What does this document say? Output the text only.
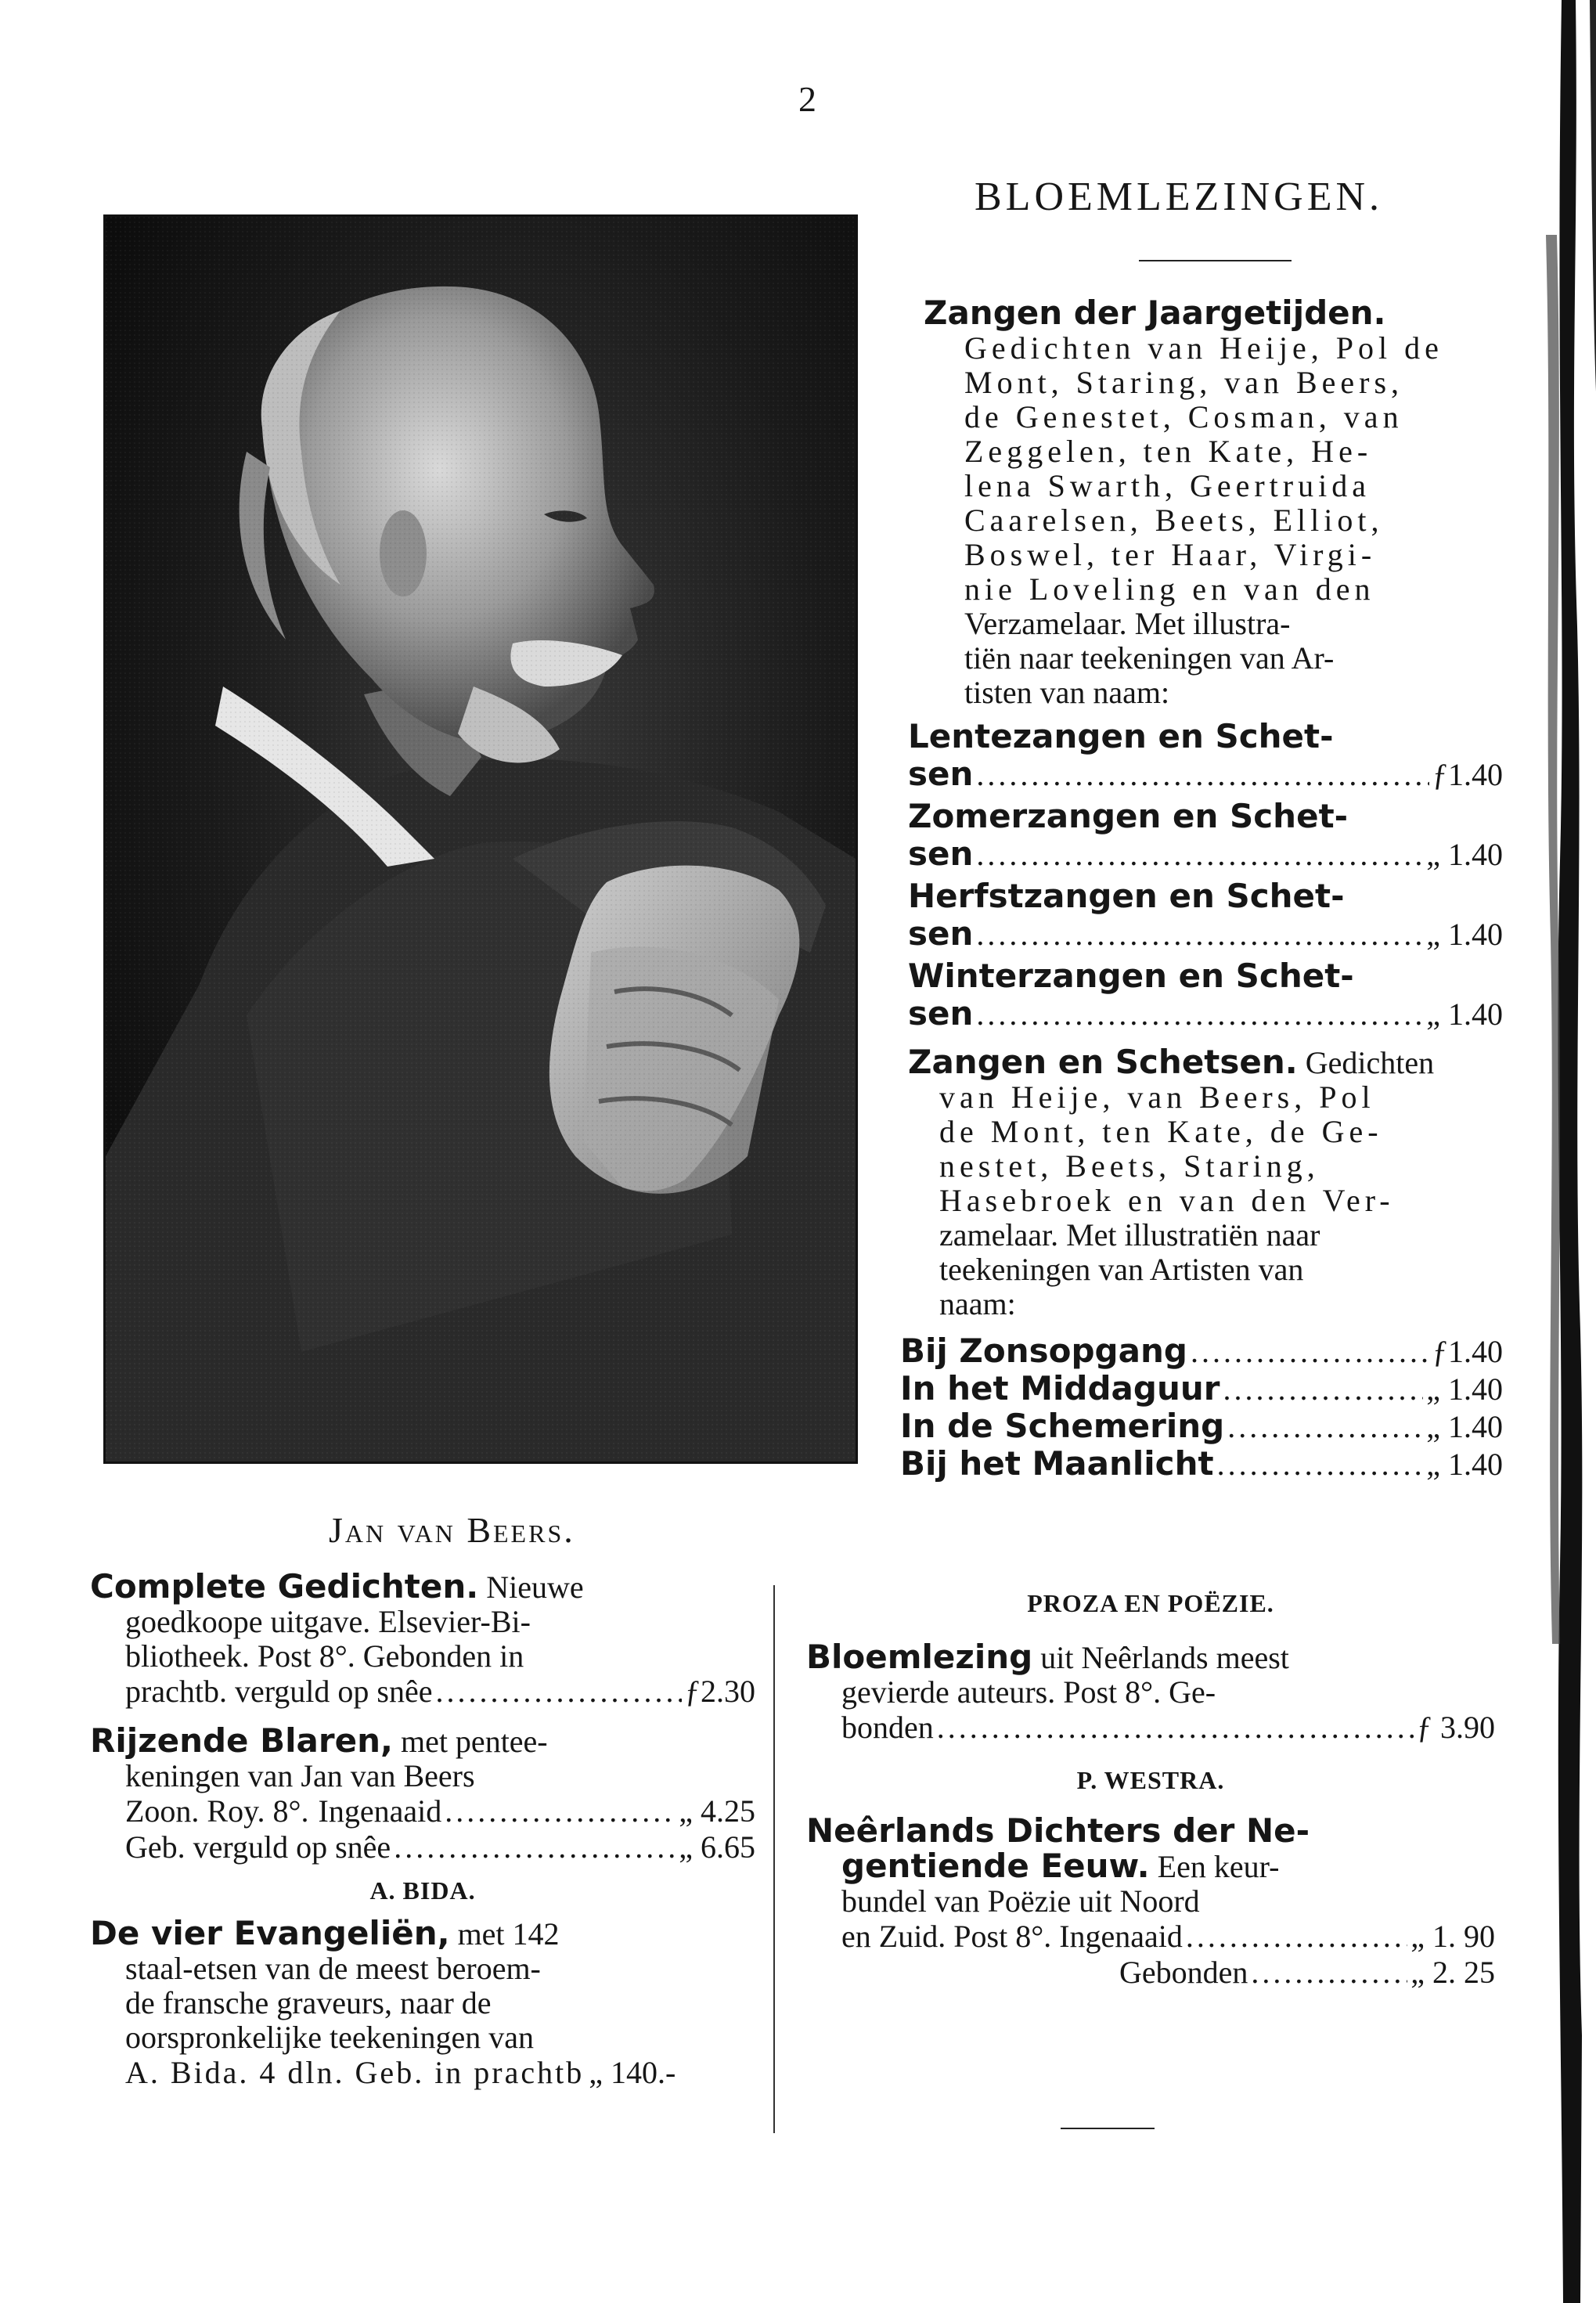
2
BLOEMLEZINGEN.
Jan van Beers.
Zangen der Jaargetijden.
Gedichten van Heije, Pol de
Mont, Staring, van Beers,
de Genestet, Cosman, van
Zeggelen, ten Kate, He-
lena Swarth, Geertruida
Caarelsen, Beets, Elliot,
Boswel, ter Haar, Virgi-
nie Loveling en van den
Verzamelaar. Met illustra-
tiën naar teekeningen van Ar-
tisten van naam:
Lentezangen en Schet-
sen .....	ƒ1.40
Zomerzangen en Schet-
sen .....	„ 1.40
Herfstzangen en Schet-
sen .....	„ 1.40
Winterzangen en Schet-
sen .....	„ 1.40
Zangen en Schetsen. Gedichten
van Heije, van Beers, Pol
de Mont, ten Kate, de Ge-
nestet, Beets, Staring,
Hasebroek en van den Ver-
zamelaar. Met illustratiën naar
teekeningen van Artisten van
naam:
Bij Zonsopgang .....	ƒ1.40
In het Middaguur .....	„ 1.40
In de Schemering .....	„ 1.40
Bij het Maanlicht .....	„ 1.40
Complete Gedichten. Nieuwe
goedkoope uitgave. Elsevier-Bi-
bliotheek. Post 8°. Gebonden in
prachtb. verguld op snêe .....	ƒ2.30
Rijzende Blaren, met pentee-
keningen van Jan van Beers
Zoon. Roy. 8°. Ingenaaid .....	„ 4.25
Geb. verguld op snêe .....	„ 6.65
A. BIDA.
De vier Evangeliën, met 142
staal-etsen van de meest beroem-
de fransche graveurs, naar de
oorspronkelijke teekeningen van
A. Bida. 4 dln. Geb. in prachtb „ 140.-
PROZA EN POËZIE.
Bloemlezing uit Neêrlands meest
gevierde auteurs. Post 8°. Ge-
bonden .....	ƒ 3.90
P. WESTRA.
Neêrlands Dichters der Ne-
gentiende Eeuw. Een keur-
bundel van Poëzie uit Noord
en Zuid. Post 8°. Ingenaaid .....	„ 1. 90
Gebonden .....	„ 2. 25
